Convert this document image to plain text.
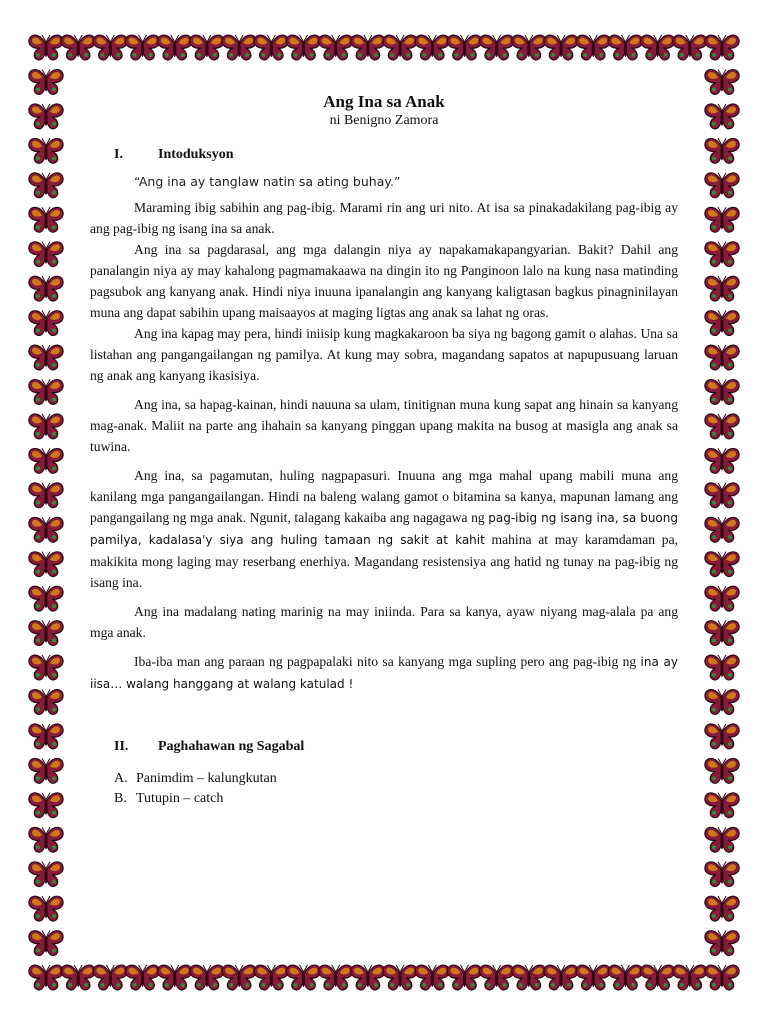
Ang Ina sa Anak
ni Benigno Zamora
I.	Intoduksyon
“Ang ina ay tanglaw natin sa ating buhay.”

Maraming ibig sabihin ang pag-ibig. Marami rin ang uri nito. At isa sa pinakadakilang pag-ibig ay ang pag-ibig ng isang ina sa anak.

Ang ina sa pagdarasal, ang mga dalangin niya ay napakamakapangyarian. Bakit? Dahil ang panalangin niya ay may kahalong pagmamakaawa na dingin ito ng Panginoon lalo na kung nasa matinding pagsubok ang kanyang anak. Hindi niya inuuna ipanalangin ang kanyang kaligtasan bagkus pinagninilayan muna ang dapat sabihin upang maisaayos at maging ligtas ang anak sa lahat ng oras.

Ang ina kapag may pera, hindi iniisip kung magkakaroon ba siya ng bagong gamit o alahas. Una sa listahan ang pangangailangan ng pamilya. At kung may sobra, magandang sapatos at napupusuang laruan ng anak ang kanyang ikasisiya.

Ang ina, sa hapag-kainan, hindi nauuna sa ulam, tinitignan muna kung sapat ang hinain sa kanyang mag-anak. Maliit na parte ang ihahain sa kanyang pinggan upang makita na busog at masigla ang anak sa tuwina.

Ang ina, sa pagamutan, huling nagpapasuri. Inuuna ang mga mahal upang mabili muna ang kanilang mga pangangailangan. Hindi na baleng walang gamot o bitamina sa kanya, mapunan lamang ang pangangailang ng mga anak. Ngunit, talagang kakaiba ang nagagawa ng pag-ibig ng isang ina, sa buong pamilya, kadalasa'y siya ang huling tamaan ng sakit at kahit mahina at may karamdaman pa, makikita mong laging may reserbang enerhiya. Magandang resistensiya ang hatid ng tunay na pag-ibig ng isang ina.

Ang ina madalang nating marinig na may iniinda. Para sa kanya, ayaw niyang mag-alala pa ang mga anak.

Iba-iba man ang paraan ng pagpapalaki nito sa kanyang mga supling pero ang pag-ibig ng ina ay iisa… walang hanggang at walang katulad !

II.	Paghahawan ng Sagabal
A. Panimdim – kalungkutan
B. Tutupin – catch
